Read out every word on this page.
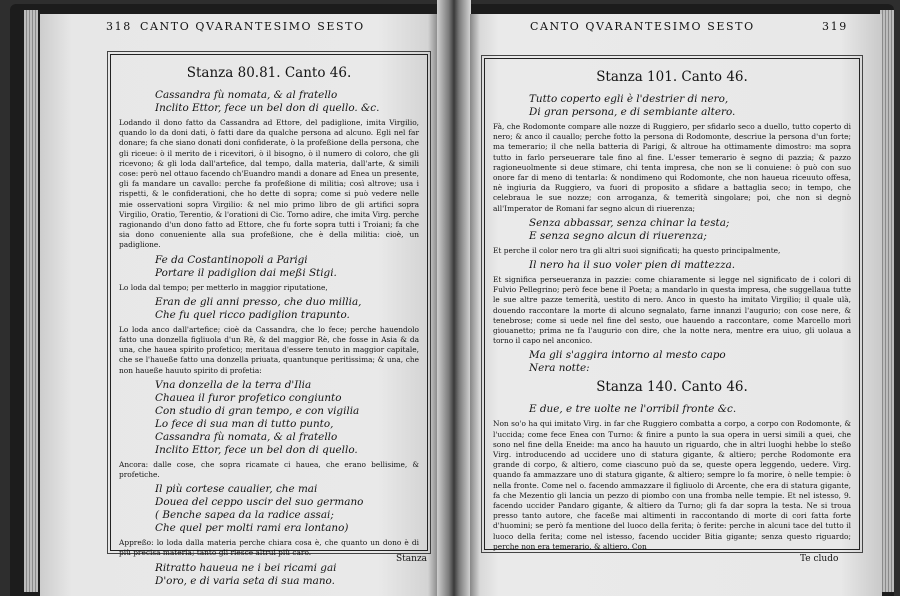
318 CANTO QVARANTESIMO SESTO
Stanza 80.81. Canto 46.
Cassandra fù nomata, & al fratello
Inclito Ettor, fece un bel don di quello. &c.
Lodando il dono fatto da Cassandra ad Ettore, del padiglione, imita Virgilio, quando lo da doni dati, ò fatti dare da qualche persona ad alcuno. Egli nel far donare; fa che siano donati doni confiderate, ò la profeßione della persona, che gli riceue: ò il merito de i ricevitori, ò il bisogno, ò il numero di coloro, che gli ricevono; & gli loda dall'artefice, dal tempo, dalla materia, dall'arte, & simili cose: però nel ottauo facendo ch'Euandro mandi a donare ad Enea un presente, gli fa mandare un cavallo: perche fa profeßione di militia; così altrove; usa i rispetti, & le confiderationi, che ho dette di sopra; come si può vedere nelle mie osservationi sopra Virgilio: & nel mio primo libro de gli artifici sopra Virgilio, Oratio, Terentio, & l'orationi di Cic. Torno adire, che imita Virg. perche ragionando d'un dono fatto ad Ettore, che fu forte sopra tutti i Troiani; fa che sia dono conueniente alla sua profeßione, che è della militia: cioè, un padiglione.
Fe da Costantinopoli a Parigi
Portare il padiglion dai meßi Stigi.
Lo loda dal tempo; per metterlo in maggior riputatione,
Eran de gli anni presso, che duo millia,
Che fu quel ricco padiglion trapunto.
Lo loda anco dall'artefice; cioè da Cassandra, che lo fece; perche hauendolo fatto una donzella figliuola d'un Rè, & del maggior Rè, che fosse in Asia & da una, che hauea spirito profetico; meritaua d'essere tenuto in maggior capitale, che se l'haueße fatto una donzella priuata, quantunque peritissima; & una, che non haueße hauuto spirito di profetia:
Vna donzella de la terra d'Ilia
Chauea il furor profetico congiunto
Con studio di gran tempo, e con vigilia
Lo fece di sua man di tutto punto,
Cassandra fù nomata, & al fratello
Inclito Ettor, fece un bel don di quello.
Ancora: dalle cose, che sopra ricamate ci hauea, che erano bellisime, & profetiche.
Il più cortese caualier, che mai
Douea del ceppo uscir del suo germano
( Benche sapea da la radice assai;
Che quel per molti rami era lontano)
Appreßo: lo loda dalla materia perche chiara cosa è, che quanto un dono è di più precisa materia; tanto gli riesce altrui più caro.
Ritratto haueua ne i bei ricami gai
D'oro, e di varia seta di sua mano.
Stanza
CANTO QVARANTESIMO SESTO	319
Stanza 101. Canto 46.
Tutto coperto egli è l'destrier di nero,
Di gran persona, e di sembiante altero.
Fà, che Rodomonte compare alle nozze di Ruggiero, per sfidarlo seco a duello, tutto coperto di nero; & anco il cauallo; perche fotto la persona di Rodomonte, descriue la persona d'un forte; ma temerario; il che nella batteria di Parigi, & altroue ha ottimamente dimostro: ma sopra tutto in farlo perseuerare tale fino al fine. L'esser temerario è segno di pazzia; & pazzo ragioneuolmente si deue stimare, chi tenta impresa, che non se li conuiene: ò può con suo onore far di meno di tentarla: & nondimeno qui Rodomonte, che non haueua riceuuto offesa, nè ingiuria da Ruggiero, va fuori di proposito a sfidare a battaglia seco; in tempo, che celebraua le sue nozze; con arroganza, & temerità singolare; poi, che non si degnò all'Imperator de Romani far segno alcun di riuerenza;
Senza abbassar, senza chinar la testa;
E senza segno alcun di riuerenza;
Et perche il color nero tra gli altri suoi significati; ha questo principalmente,
Il nero ha il suo voler pien di mattezza.
Et significa perseueranza in pazzie: come chiaramente si legge nel significato de i colori di Fulvio Pellegrino; però fece bene il Poeta; a mandarlo in questa impresa, che suggellaua tutte le sue altre pazze temerità, uestito di nero. Anco in questo ha imitato Virgilio; il quale ulà, douendo raccontare la morte di alcuno segnalato, farne innanzi l'augurio; con cose nere, & tenebrose; come si uede nel fine del sesto, oue hauendo a raccontare, come Marcello morì giouanetto; prima ne fa l'augurio con dire, che la notte nera, mentre era uiuo, gli uolaua a torno il capo nel anconico.
Ma gli s'aggira intorno al mesto capo
Nera notte:
Stanza 140. Canto 46.
E due, e tre uolte ne l'orribil fronte &c.
Non so'o ha qui imitato Virg. in far che Ruggiero combatta a corpo, a corpo con Rodomonte, & l'uccida; come fece Enea con Turno: & finire a punto la sua opera in uersi simili a quei, che sono nel fine della Eneide: ma anco ha hauuto un riguardo, che in altri luoghi hebbe lo steßo Virg. introducendo ad uccidere uno di statura gigante, & altiero; perche Rodomonte era grande di corpo, & altiero, come ciascuno può da se, queste opera leggendo, uedere. Virg. quando fa ammazzare uno di statura gigante, & altiero; sempre lo fa morire, ò nelle tempie: ò nella fronte. Come nel o. facendo ammazzare il figliuolo di Arcente, che era di statura gigante, fa che Mezentio gli lancia un pezzo di piombo con una fromba nelle tempie. Et nel istesso, 9. facendo uccider Pandaro gigante, & altiero da Turno; gli fa dar sopra la testa. Ne si troua presso tanto autore, che faceße mai altimenti in raccontando di morte di cori fatta forte d'huomini; se però fa mentione del luoco della ferita; ò ferite: perche in alcuni tace del tutto il luoco della ferita; come nel istesso, facendo uccider Bitia gigante; senza questo riguardo; perche non era temerario, & altiero. Con
Te cludo
